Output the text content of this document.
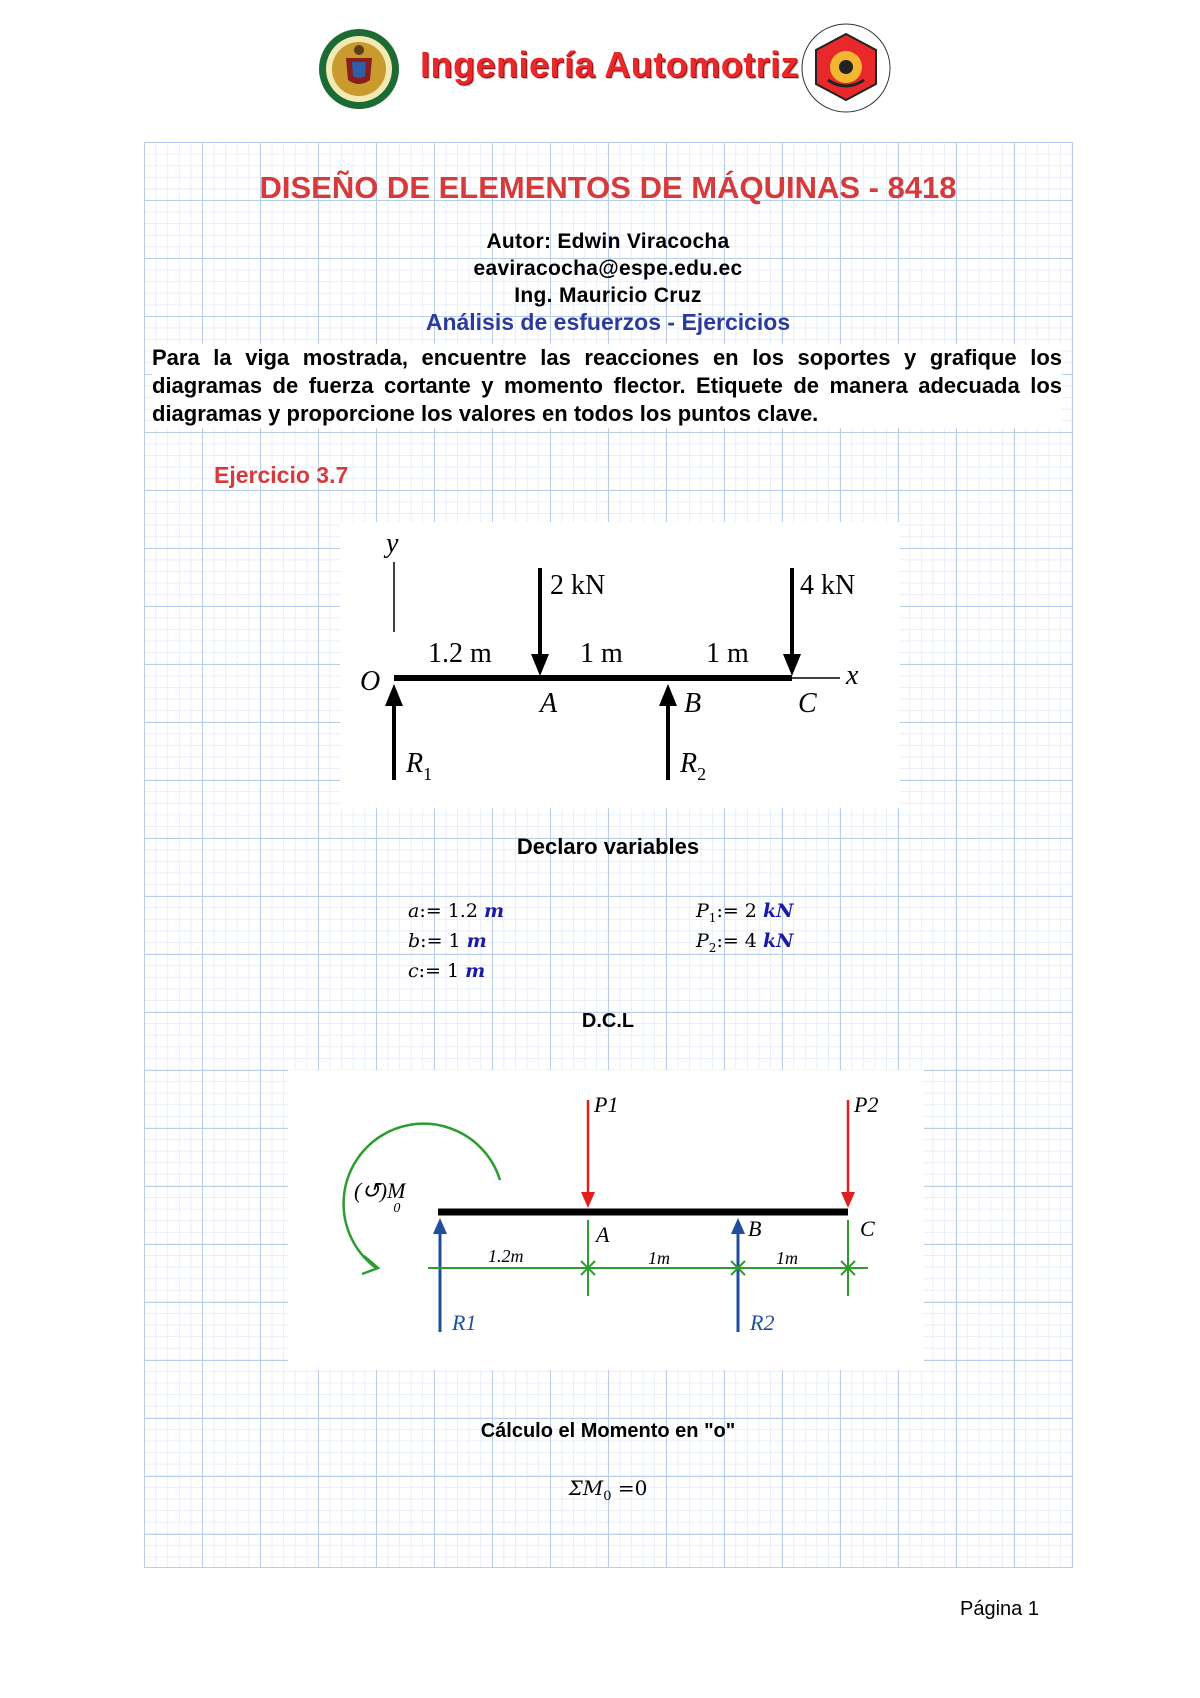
Ingeniería Automotriz
DISEÑO DE ELEMENTOS DE MÁQUINAS - 8418
Autor: Edwin Viracocha
eaviracocha@espe.edu.ec
Ing. Mauricio Cruz
Análisis de esfuerzos - Ejercicios
Para la viga mostrada, encuentre las reacciones en los soportes y grafique los diagramas de fuerza cortante y momento flector. Etiquete de manera adecuada los diagramas y proporcione los valores en todos los puntos clave.
Ejercicio 3.7
y
x
O
A	B	C
$R_1$	$R_2$
2 kN	4 kN
1.2 m	1 m	1 m
Declaro variables
a:= 1.2 m
b:= 1 m
c:= 1 m
$P_1:= 2$ kN
$P_2:= 4$ kN
D.C.L
(↺)M 0
P1	P2
A	B	C
R1	R2
1.2m	1m	1m
Cálculo el Momento en "o"
$\Sigma M_0 =0$
Página 1
